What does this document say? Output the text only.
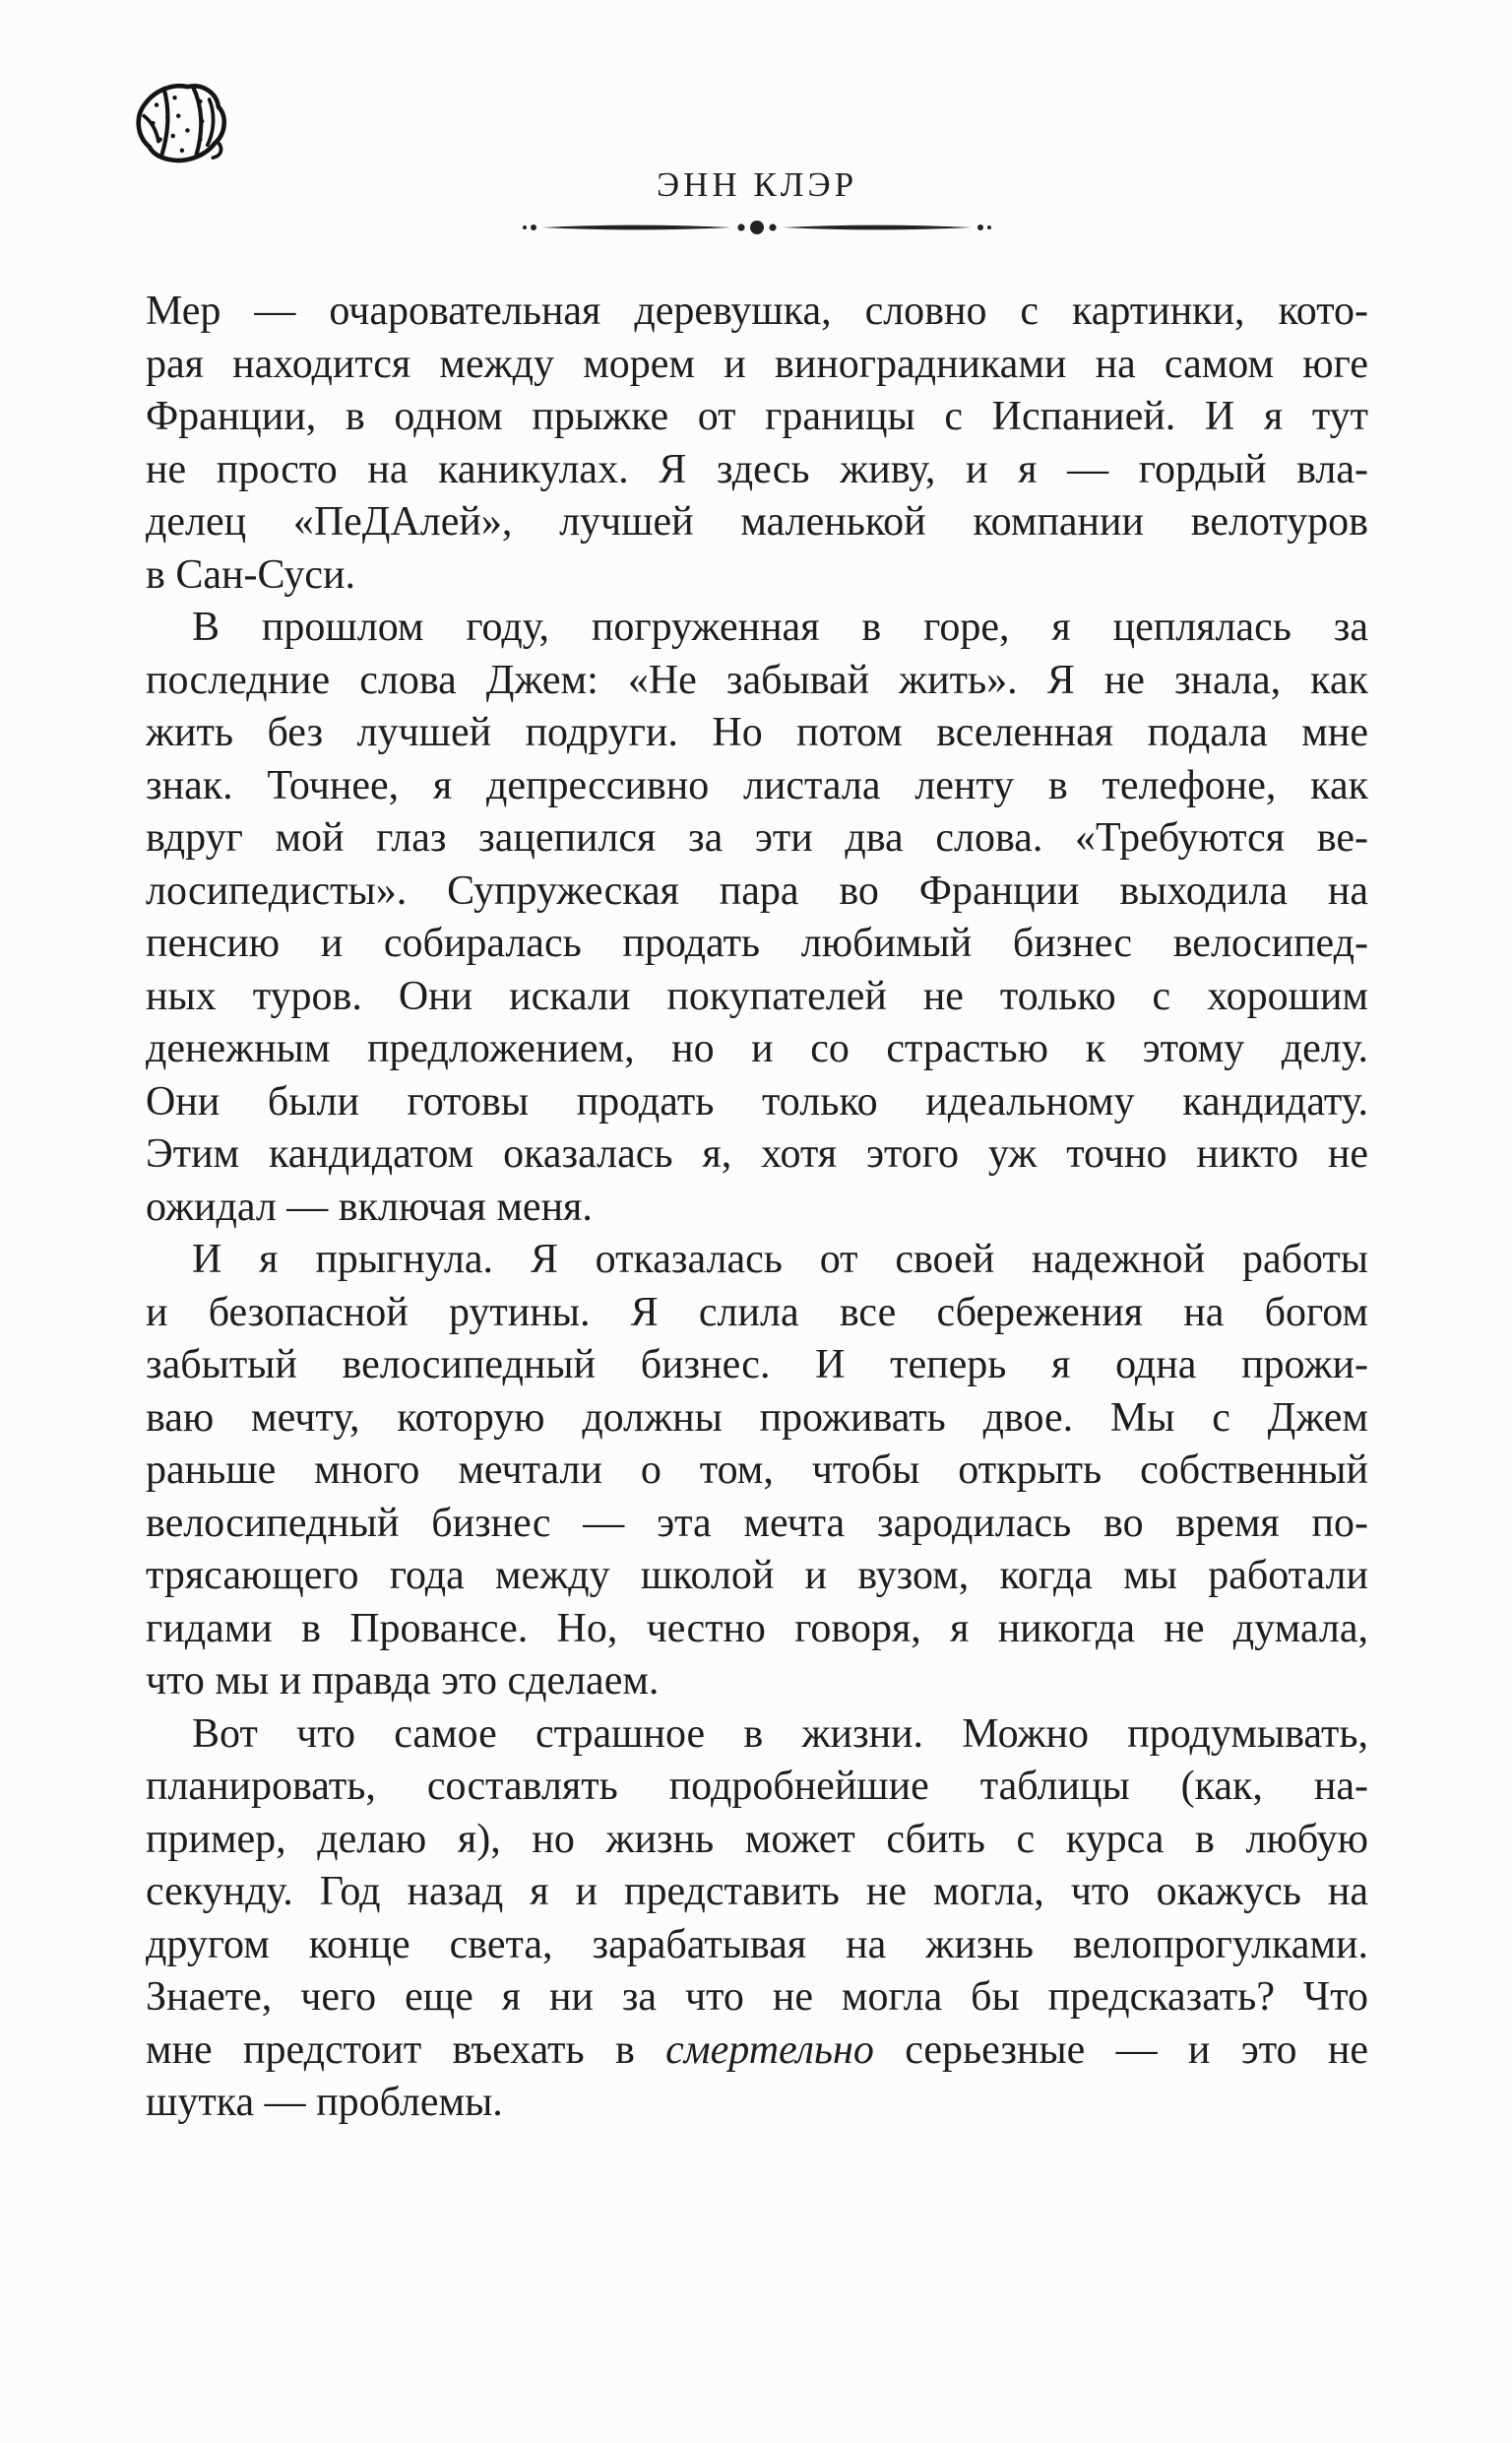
ЭНН КЛЭР
Мер — очаровательная деревушка, словно с картинки, кото-
рая находится между морем и виноградниками на самом юге
Франции, в одном прыжке от границы с Испанией. И я тут
не просто на каникулах. Я здесь живу, и я — гордый вла-
делец «ПеДАлей», лучшей маленькой компании велотуров
в Сан-Суси.
В прошлом году, погруженная в горе, я цеплялась за
последние слова Джем: «Не забывай жить». Я не знала, как
жить без лучшей подруги. Но потом вселенная подала мне
знак. Точнее, я депрессивно листала ленту в телефоне, как
вдруг мой глаз зацепился за эти два слова. «Требуются ве-
лосипедисты». Супружеская пара во Франции выходила на
пенсию и собиралась продать любимый бизнес велосипед-
ных туров. Они искали покупателей не только с хорошим
денежным предложением, но и со страстью к этому делу.
Они были готовы продать только идеальному кандидату.
Этим кандидатом оказалась я, хотя этого уж точно никто не
ожидал — включая меня.
И я прыгнула. Я отказалась от своей надежной работы
и безопасной рутины. Я слила все сбережения на богом
забытый велосипедный бизнес. И теперь я одна прожи-
ваю мечту, которую должны проживать двое. Мы с Джем
раньше много мечтали о том, чтобы открыть собственный
велосипедный бизнес — эта мечта зародилась во время по-
трясающего года между школой и вузом, когда мы работали
гидами в Провансе. Но, честно говоря, я никогда не думала,
что мы и правда это сделаем.
Вот что самое страшное в жизни. Можно продумывать,
планировать, составлять подробнейшие таблицы (как, на-
пример, делаю я), но жизнь может сбить с курса в любую
секунду. Год назад я и представить не могла, что окажусь на
другом конце света, зарабатывая на жизнь велопрогулками.
Знаете, чего еще я ни за что не могла бы предсказать? Что
мне предстоит въехать в смертельно серьезные — и это не
шутка — проблемы.
